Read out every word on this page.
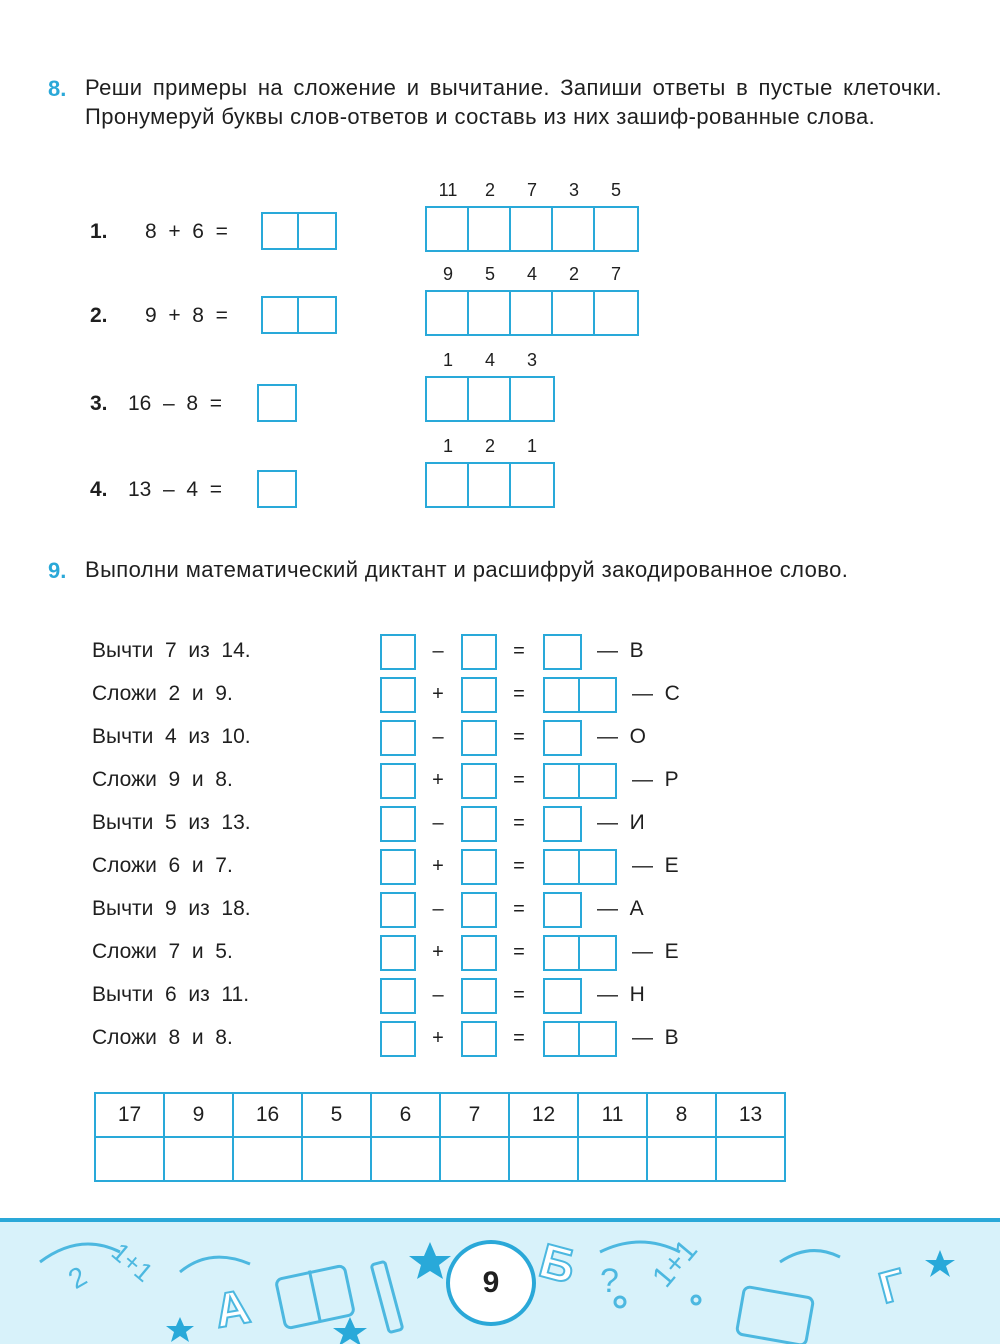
8. Реши примеры на сложение и вычитание. Запиши ответы в пустые клеточки. Пронумеруй буквы слов-ответов и составь из них зашиф-рованные слова.
1. 8  +  6  =
11	2	7	3	5
2. 9  +  8  =
9	5	4	2	7
3. 16  –  8  =
1	4	3
4. 13  –  4  =
1	2	1
9. Выполни математический диктант и расшифруй закодированное слово.
Вычти  7  из  14.	–	=	—  В
Сложи  2  и  9.	+	=	—  С
Вычти  4  из  10.	–	=	—  О
Сложи  9  и  8.	+	=	—  Р
Вычти  5  из  13.	–	=	—  И
Сложи  6  и  7.	+	=	—  Е
Вычти  9  из  18.	–	=	—  А
Сложи  7  и  5.	+	=	—  Е
Вычти  6  из  11.	–	=	—  Н
Сложи  8  и  8.	+	=	—  В
17	9	16	5	6	7	12	11	8	13

2 1+1
А
Б ? 1+1	Г
9
